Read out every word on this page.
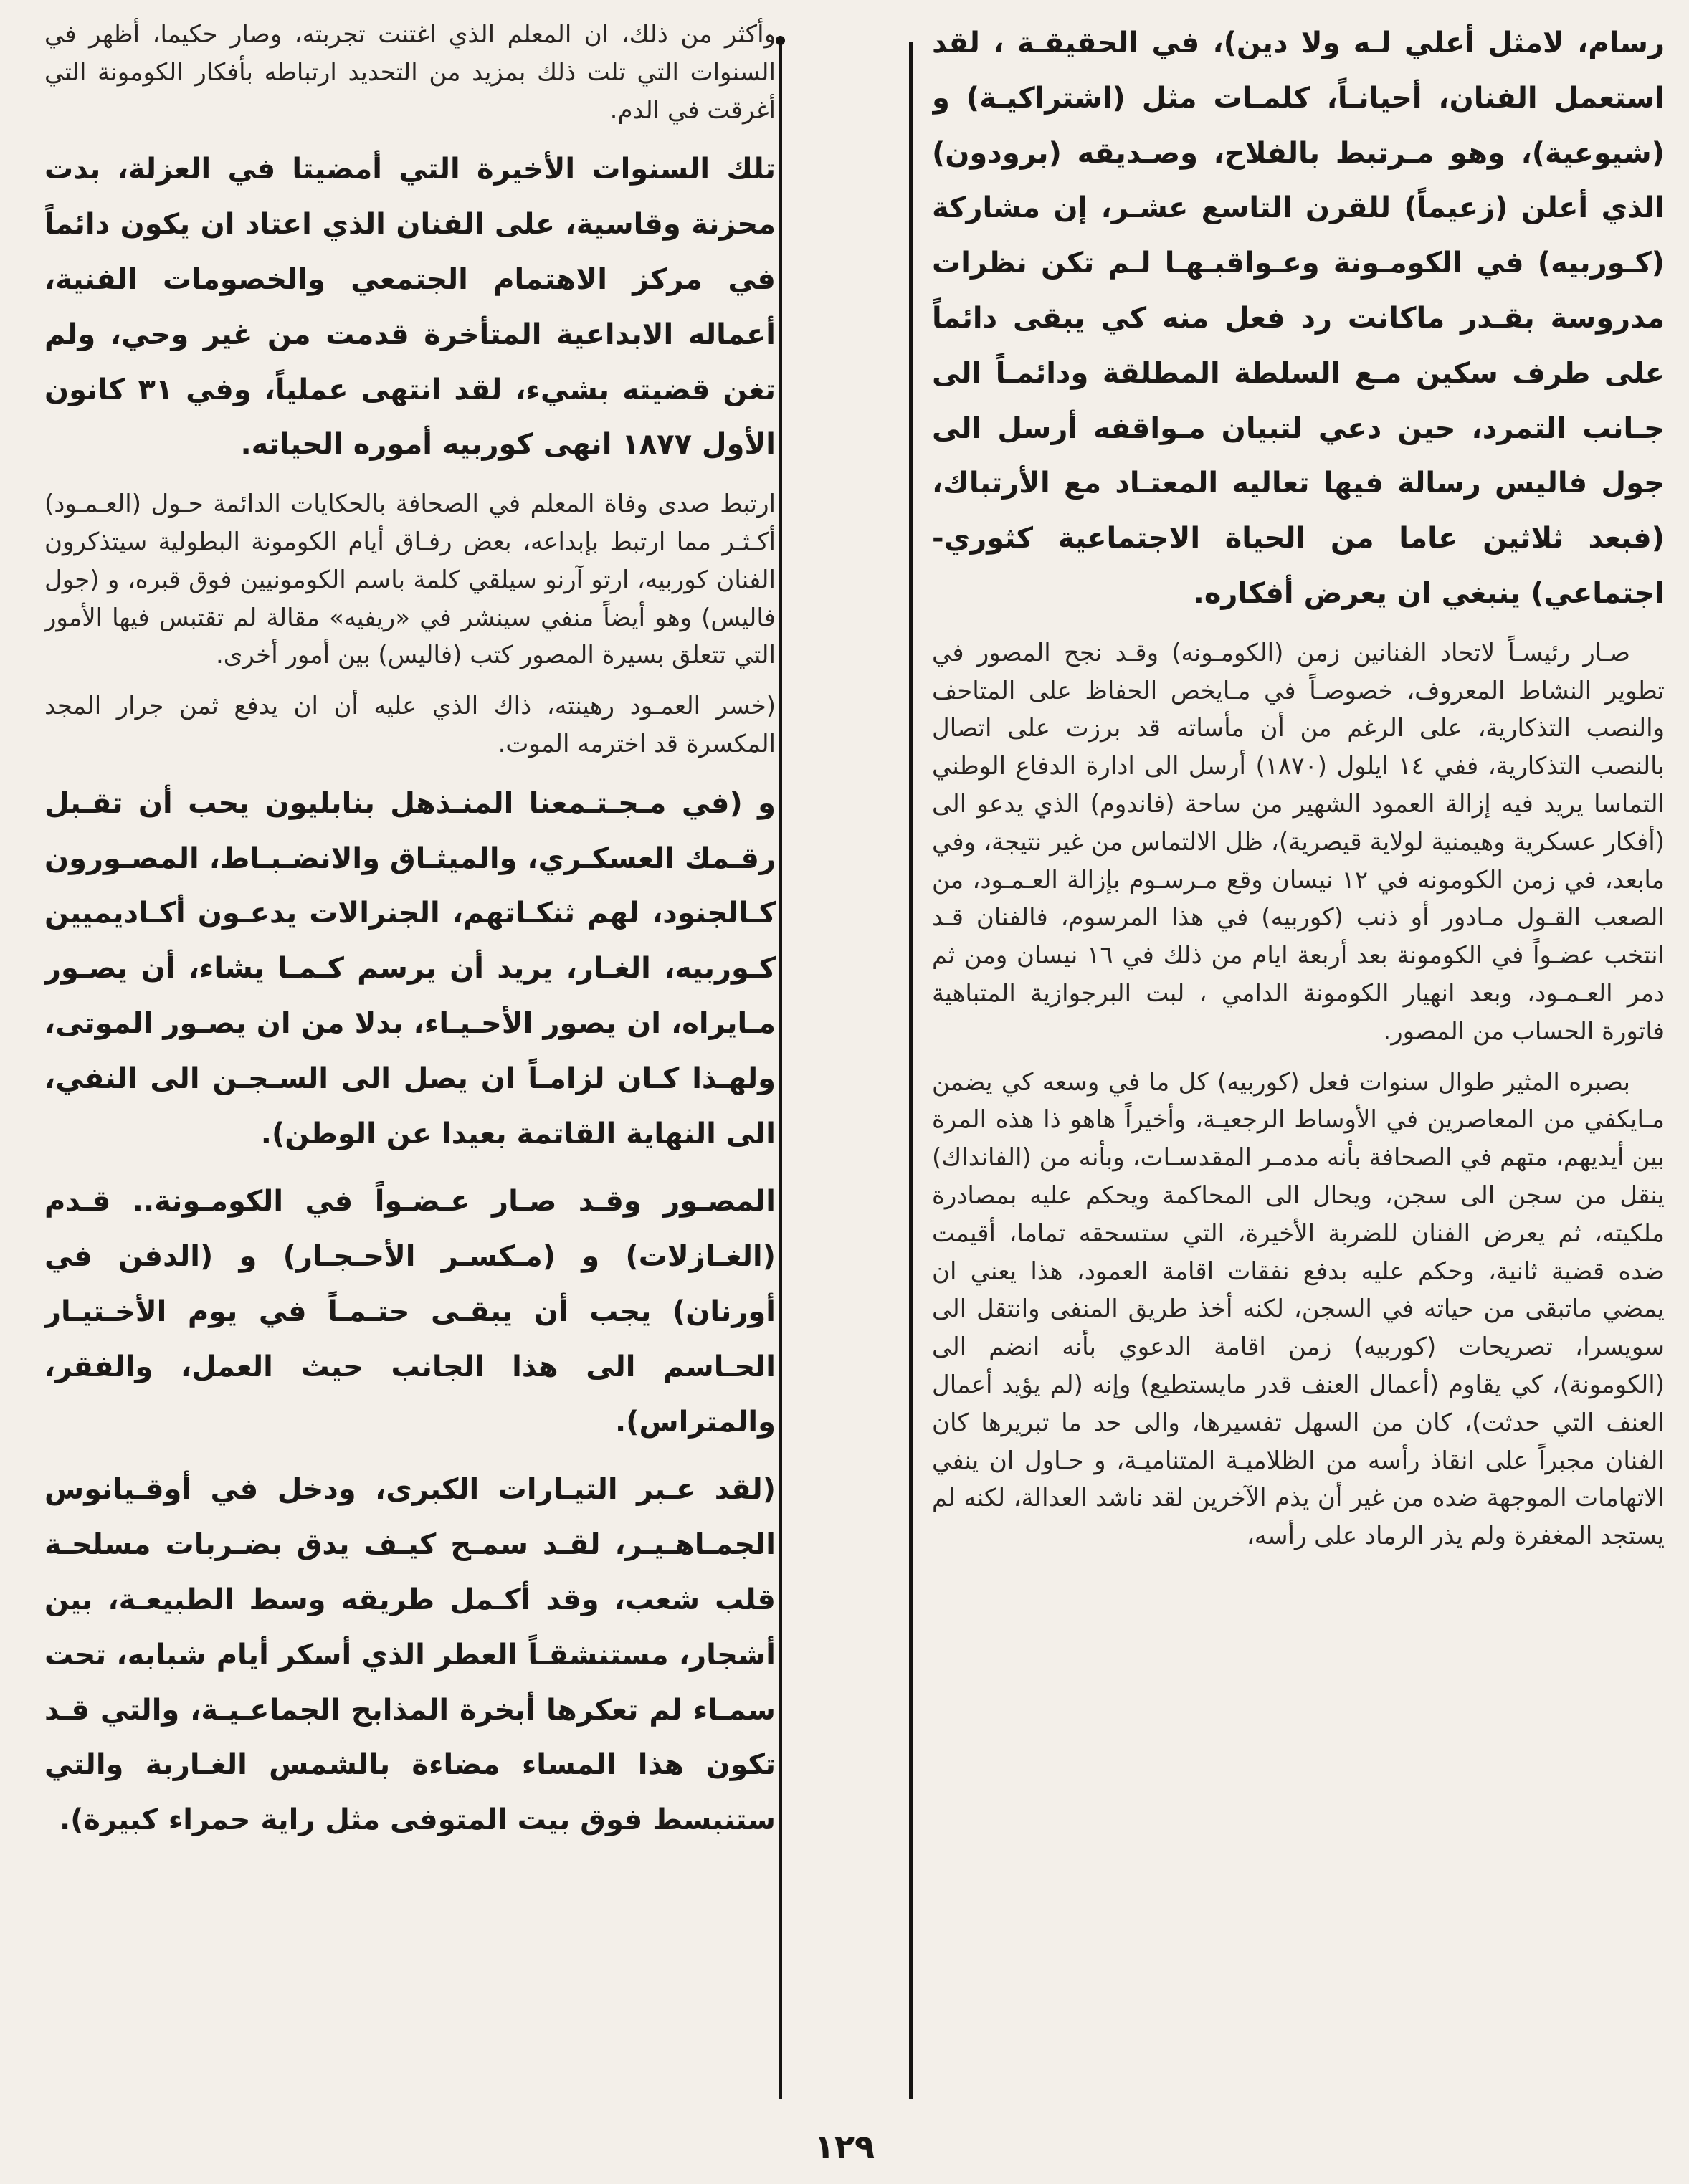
رسام، لامثل أعلي لـه ولا دين)، في الحقيقـة ، لقد استعمل الفنان، أحيانـاً، كلمـات مثل (اشتراكيـة) و (شيوعية)، وهو مـرتبط بالفلاح، وصـديقه (برودون) الذي أعلن (زعيماً) للقرن التاسع عشـر، إن مشاركة (كـوربيه) في الكومـونة وعـواقبـهـا لـم تكن نظرات مدروسة بقـدر ماكانت رد فعل منه كي يبقى دائماً على طرف سكين مـع السلطة المطلقة ودائمـاً الى جـانب التمرد، حين دعي لتبيان مـواقفه أرسل الى جول فاليس رسالة فيها تعاليه المعتـاد مع الأرتباك، (فبعد ثلاثين عاما من الحياة الاجتماعية كثوري- اجتماعي) ينبغي ان يعرض أفكاره.

صـار رئيسـاً لاتحاد الفنانين زمن (الكومـونه) وقـد نجح المصور في تطوير النشاط المعروف، خصوصـاً في مـايخص الحفاظ على المتاحف والنصب التذكارية، على الرغم من أن مأساته قد برزت على اتصال بالنصب التذكارية، ففي ١٤ ايلول (١٨٧٠) أرسل الى ادارة الدفاع الوطني التماسا يريد فيه إزالة العمود الشهير من ساحة (فاندوم) الذي يدعو الى (أفكار عسكرية وهيمنية لولاية قيصرية)، ظل الالتماس من غير نتيجة، وفي مابعد، في زمن الكومونه في ١٢ نيسان وقع مـرسـوم بإزالة العـمـود، من الصعب القـول مـادور أو ذنب (كوربيه) في هذا المرسوم، فالفنان قـد انتخب عضـواً في الكومونة بعد أربعة ايام من ذلك في ١٦ نيسان ومن ثم دمر العـمـود، وبعد انهيار الكومونة الدامي ، لبت البرجوازية المتباهية فاتورة الحساب من المصور.

بصبره المثير طوال سنوات فعل (كوربيه) كل ما في وسعه كي يضمن مـايكفي من المعاصرين في الأوساط الرجعيـة، وأخيراً هاهو ذا هذه المرة بين أيديهم، متهم في الصحافة بأنه مدمـر المقدسـات، وبأنه من (الفانداك) ينقل من سجن الى سجن، ويحال الى المحاكمة ويحكم عليه بمصادرة ملكيته، ثم يعرض الفنان للضربة الأخيرة، التي ستسحقه تماما، أقيمت ضده قضية ثانية، وحكم عليه بدفع نفقات اقامة العمود، هذا يعني ان يمضي ماتبقى من حياته في السجن، لكنه أخذ طريق المنفى وانتقل الى سويسرا، تصريحات (كوربيه) زمن اقامة الدعوي بأنه انضم الى (الكومونة)، كي يقاوم (أعمال العنف قدر مايستطيع) وإنه (لم يؤيد أعمال العنف التي حدثت)، كان من السهل تفسيرها، والى حد ما تبريرها كان الفنان مجبراً على انقاذ رأسه من الظلاميـة المتناميـة، و حـاول ان ينفي الاتهامات الموجهة ضده من غير أن يذم الآخرين لقد ناشد العدالة، لكنه لم يستجد المغفرة ولم يذر الرماد على رأسه،

وأكثر من ذلك، ان المعلم الذي اغتنت تجربته، وصار حكيما، أظهر في السنوات التي تلت ذلك بمزيد من التحديد ارتباطه بأفكار الكومونة التي أغرقت في الدم.

تلك السنوات الأخيرة التي أمضيتا في العزلة، بدت محزنة وقاسية، على الفنان الذي اعتاد ان يكون دائماً في مركز الاهتمام الجتمعي والخصومات الفنية، أعماله الابداعية المتأخرة قدمت من غير وحي، ولم تغن قضيته بشيء، لقد انتهى عملياً، وفي ٣١ كانون الأول ١٨٧٧ انهى كوربيه أموره الحياته.

ارتبط صدى وفاة المعلم في الصحافة بالحكايات الدائمة حـول (العـمـود) أكـثـر مما ارتبط بإبداعه، بعض رفـاق أيام الكومونة البطولية سيتذكرون الفنان كوربيه، ارتو آرنو سيلقي كلمة باسم الكومونيين فوق قبره، و (جول فاليس) وهو أيضاً منفي سينشر في «ريفيه» مقالة لم تقتبس فيها الأمور التي تتعلق بسيرة المصور كتب (فاليس) بين أمور أخرى.

(خسر العمـود رهينته، ذاك الذي عليه أن ان يدفع ثمن جرار المجد المكسرة قد اخترمه الموت.

و (في مـجـتـمعنا المنـذهل بنابليون يحب أن تقـبل رقـمك العسكـري، والميثـاق والانضـبـاط، المصـورون كـالجنود، لهم ثنكـاتهم، الجنرالات يدعـون أكـاديميين كـوربيه، الغـار، يريد أن يرسم كـمـا يشاء، أن يصـور مـايراه، ان يصور الأحـيـاء، بدلا من ان يصـور الموتى، ولهـذا كـان لزامـاً ان يصل الى السـجـن الى النفي، الى النهاية القاتمة بعيدا عن الوطن).

المصـور وقـد صـار عـضـواً في الكومـونة.. قـدم (الغـازلات) و (مـكسـر الأحـجـار) و (الدفن في أورنان) يجب أن يبقـى حتـمـاً في يوم الأخـتيـار الحـاسم الى هذا الجانب حيث العمل، والفقر، والمتراس).

(لقد عـبر التيـارات الكبرى، ودخل في أوقـيانوس الجمـاهـيـر، لقـد سمـح كيـف يدق بضـربات مسلحـة قلب شعب، وقد أكـمل طريقه وسط الطبيعـة، بين أشجار، مستنشقـاً العطر الذي أسكر أيام شبابه، تحت سمـاء لم تعكرها أبخرة المذابح الجماعـيـة، والتي قـد تكون هذا المساء مضاءة بالشمس الغـاربة والتي ستنبسط فوق بيت المتوفى مثل راية حمراء كبيرة).

١٢٩
